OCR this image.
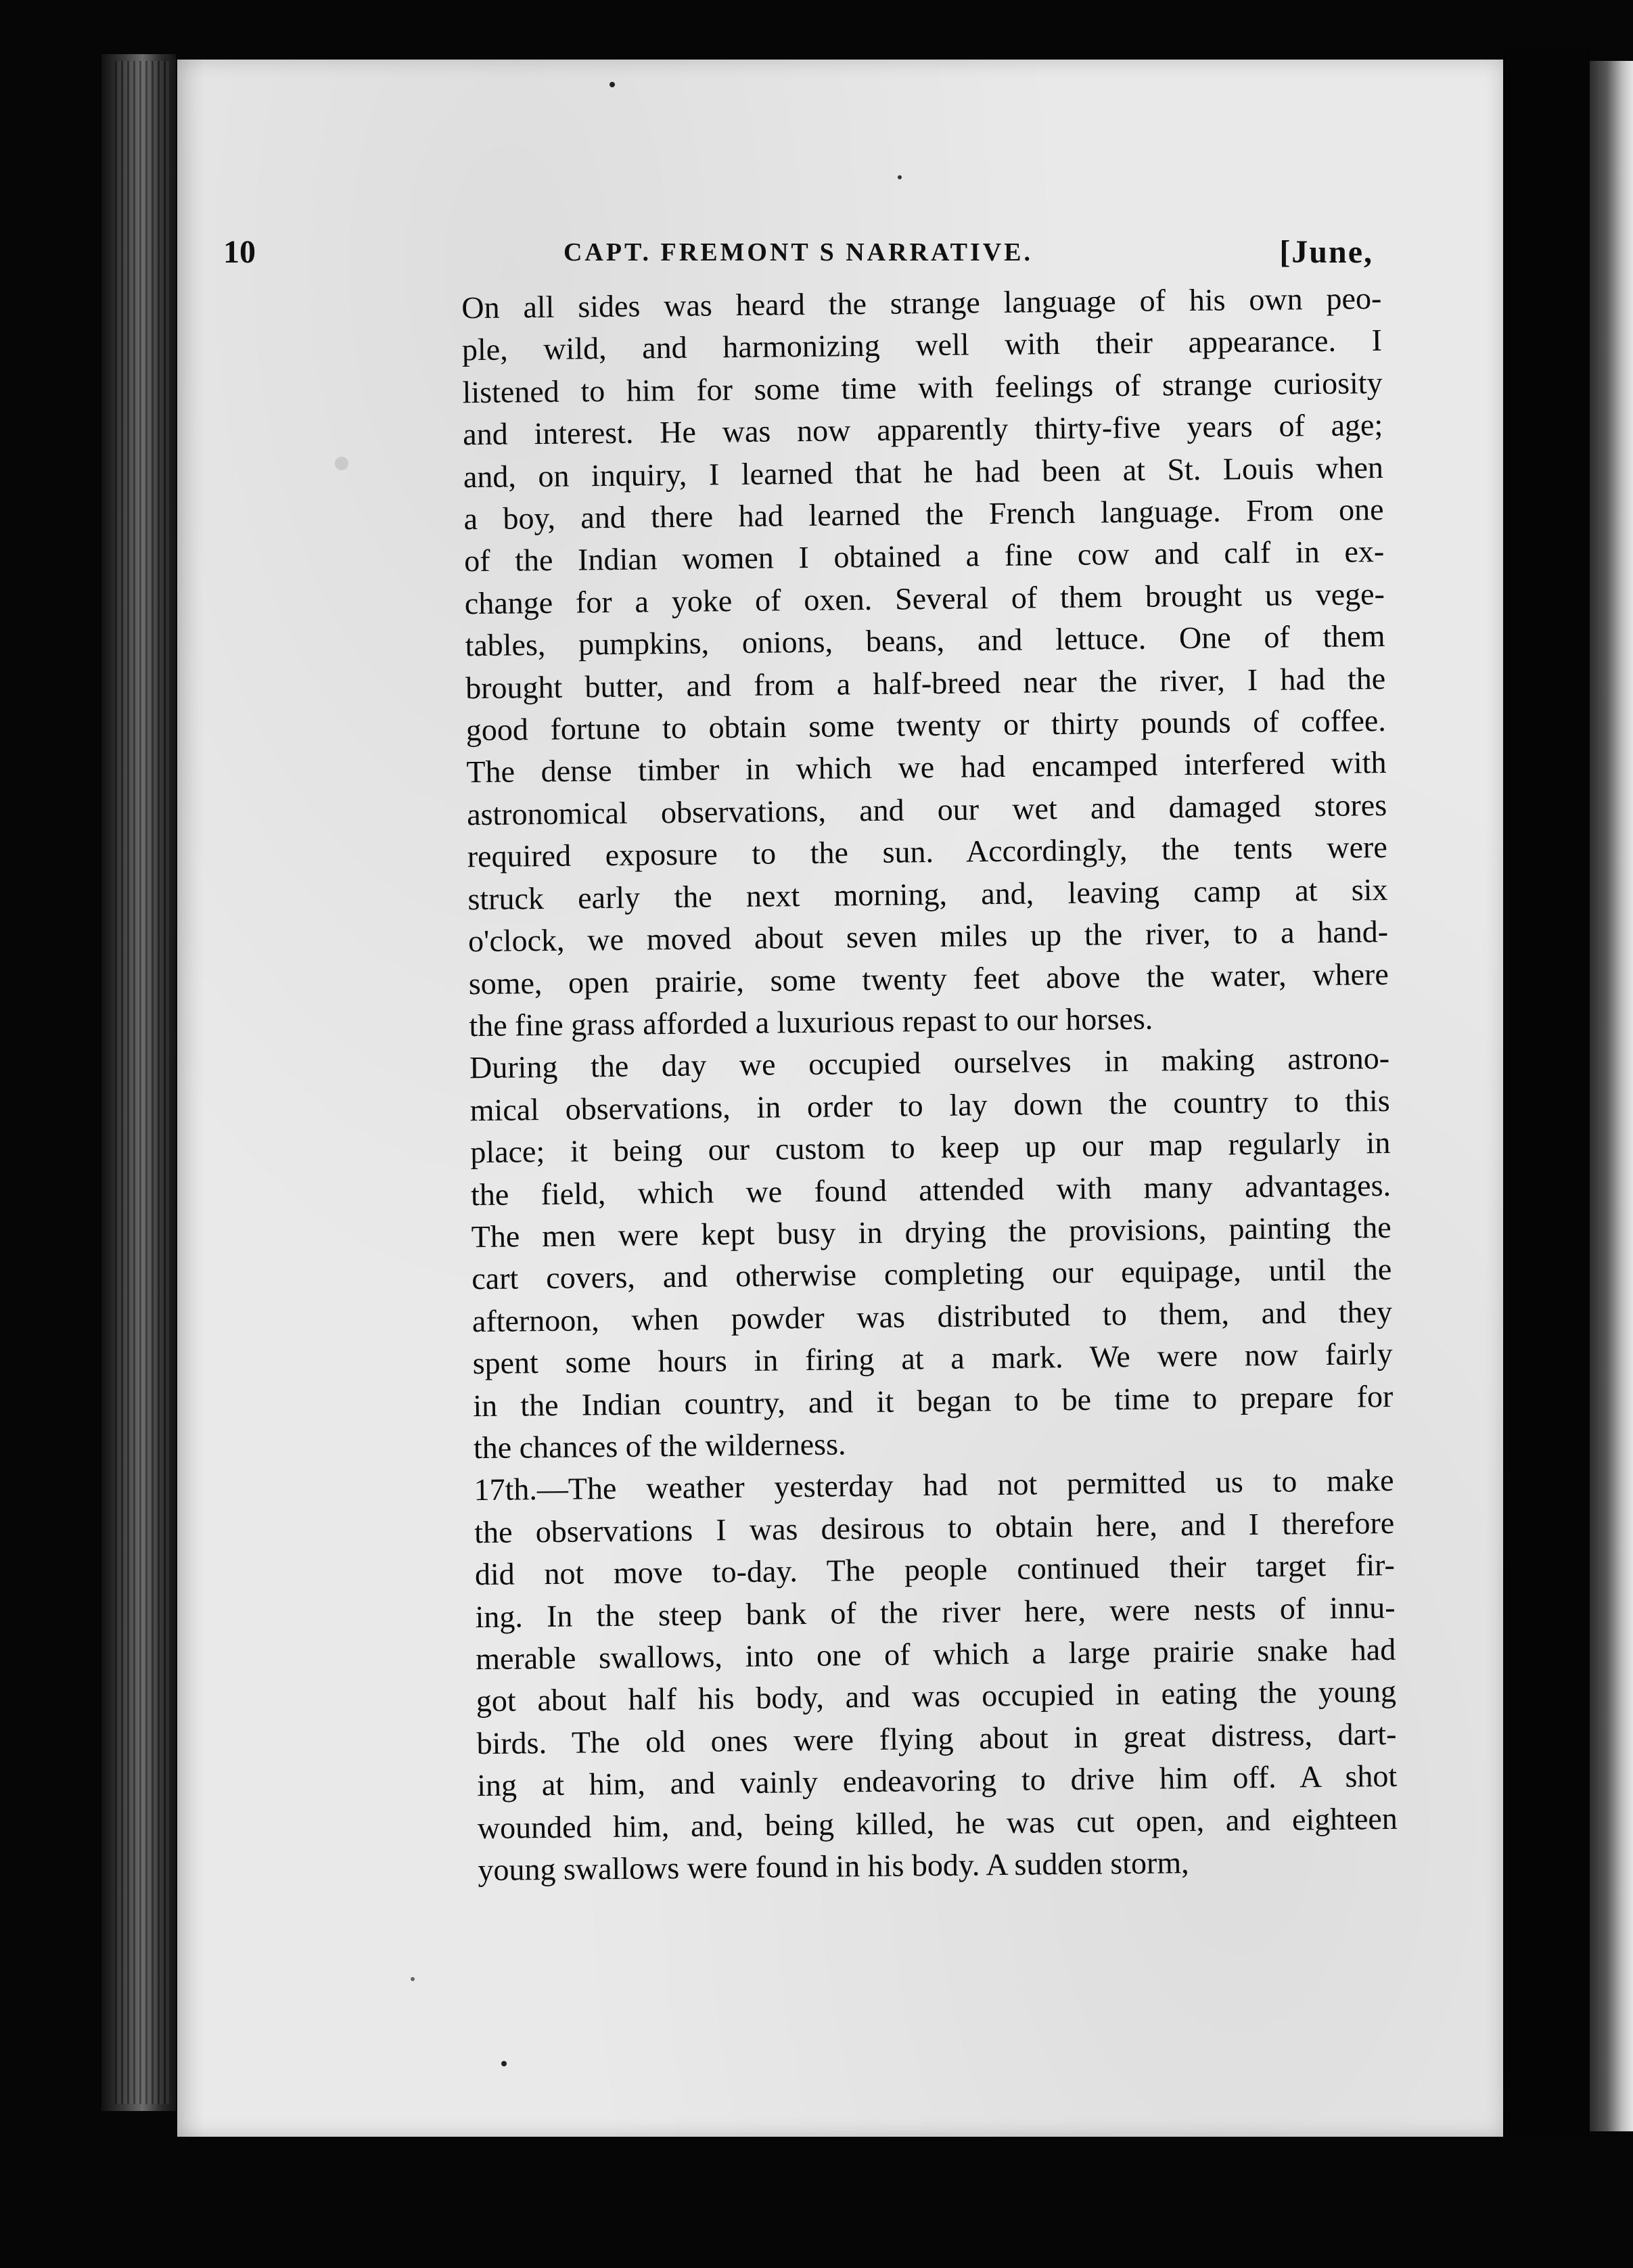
10	CAPT. FREMONT S NARRATIVE.	[June,

On all sides was heard the strange language of his own peo-
ple, wild, and harmonizing well with their appearance. I
listened to him for some time with feelings of strange curiosity
and interest. He was now apparently thirty-five years of age;
and, on inquiry, I learned that he had been at St. Louis when
a boy, and there had learned the French language. From one
of the Indian women I obtained a fine cow and calf in ex-
change for a yoke of oxen. Several of them brought us vege-
tables, pumpkins, onions, beans, and lettuce. One of them
brought butter, and from a half-breed near the river, I had the
good fortune to obtain some twenty or thirty pounds of coffee.
The dense timber in which we had encamped interfered with
astronomical observations, and our wet and damaged stores
required exposure to the sun. Accordingly, the tents were
struck early the next morning, and, leaving camp at six
o'clock, we moved about seven miles up the river, to a hand-
some, open prairie, some twenty feet above the water, where
the fine grass afforded a luxurious repast to our horses.

During the day we occupied ourselves in making astrono-
mical observations, in order to lay down the country to this
place; it being our custom to keep up our map regularly in
the field, which we found attended with many advantages.
The men were kept busy in drying the provisions, painting the
cart covers, and otherwise completing our equipage, until the
afternoon, when powder was distributed to them, and they
spent some hours in firing at a mark. We were now fairly
in the Indian country, and it began to be time to prepare for
the chances of the wilderness.

17th.—The weather yesterday had not permitted us to make
the observations I was desirous to obtain here, and I therefore
did not move to-day. The people continued their target fir-
ing. In the steep bank of the river here, were nests of innu-
merable swallows, into one of which a large prairie snake had
got about half his body, and was occupied in eating the young
birds. The old ones were flying about in great distress, dart-
ing at him, and vainly endeavoring to drive him off. A shot
wounded him, and, being killed, he was cut open, and eighteen
young swallows were found in his body. A sudden storm,
